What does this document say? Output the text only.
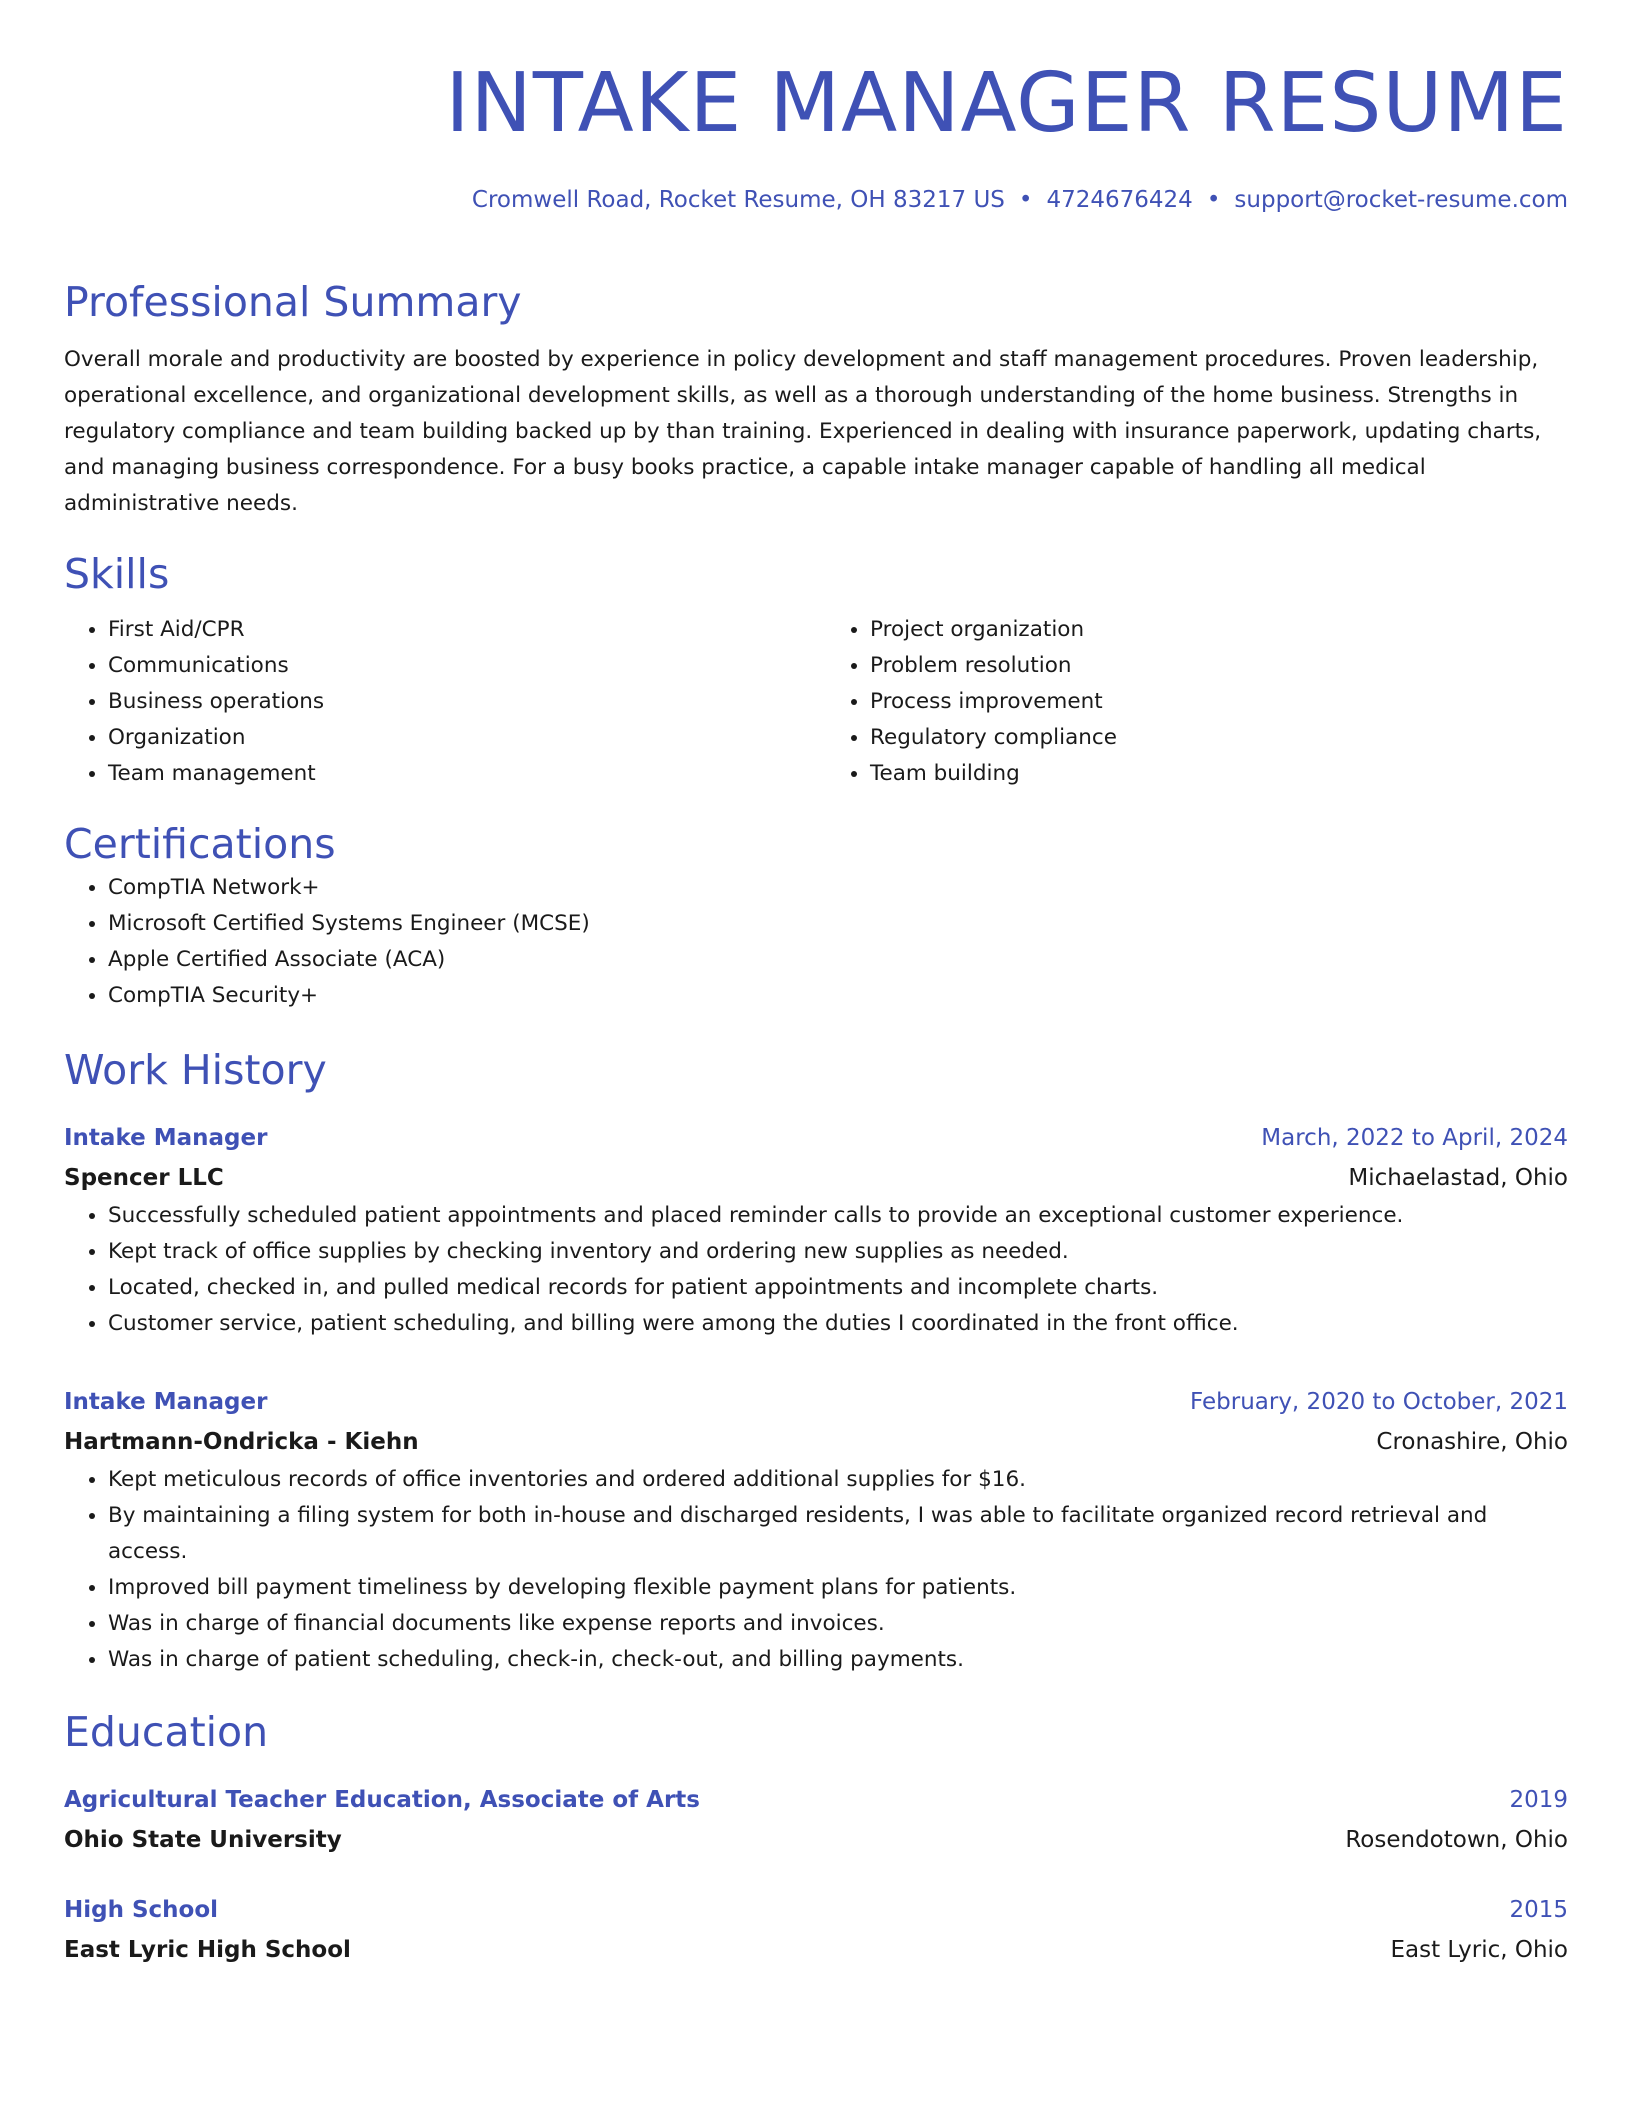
INTAKE MANAGER RESUME
Cromwell Road, Rocket Resume, OH 83217 US • 4724676424 • support@rocket-resume.com
Professional Summary
Overall morale and productivity are boosted by experience in policy development and staff management procedures. Proven leadership, operational excellence, and organizational development skills, as well as a thorough understanding of the home business. Strengths in regulatory compliance and team building backed up by than training. Experienced in dealing with insurance paperwork, updating charts, and managing business correspondence. For a busy books practice, a capable intake manager capable of handling all medical administrative needs.
Skills
• First Aid/CPR
• Communications
• Business operations
• Organization
• Team management
• Project organization
• Problem resolution
• Process improvement
• Regulatory compliance
• Team building
Certifications
• CompTIA Network+
• Microsoft Certified Systems Engineer (MCSE)
• Apple Certified Associate (ACA)
• CompTIA Security+
Work History
Intake Manager	March, 2022 to April, 2024
Spencer LLC	Michaelastad, Ohio
• Successfully scheduled patient appointments and placed reminder calls to provide an exceptional customer experience.
• Kept track of office supplies by checking inventory and ordering new supplies as needed.
• Located, checked in, and pulled medical records for patient appointments and incomplete charts.
• Customer service, patient scheduling, and billing were among the duties I coordinated in the front office.
Intake Manager	February, 2020 to October, 2021
Hartmann-Ondricka - Kiehn	Cronashire, Ohio
• Kept meticulous records of office inventories and ordered additional supplies for $16.
• By maintaining a filing system for both in-house and discharged residents, I was able to facilitate organized record retrieval and access.
• Improved bill payment timeliness by developing flexible payment plans for patients.
• Was in charge of financial documents like expense reports and invoices.
• Was in charge of patient scheduling, check-in, check-out, and billing payments.
Education
Agricultural Teacher Education, Associate of Arts	2019
Ohio State University	Rosendotown, Ohio
High School	2015
East Lyric High School	East Lyric, Ohio
